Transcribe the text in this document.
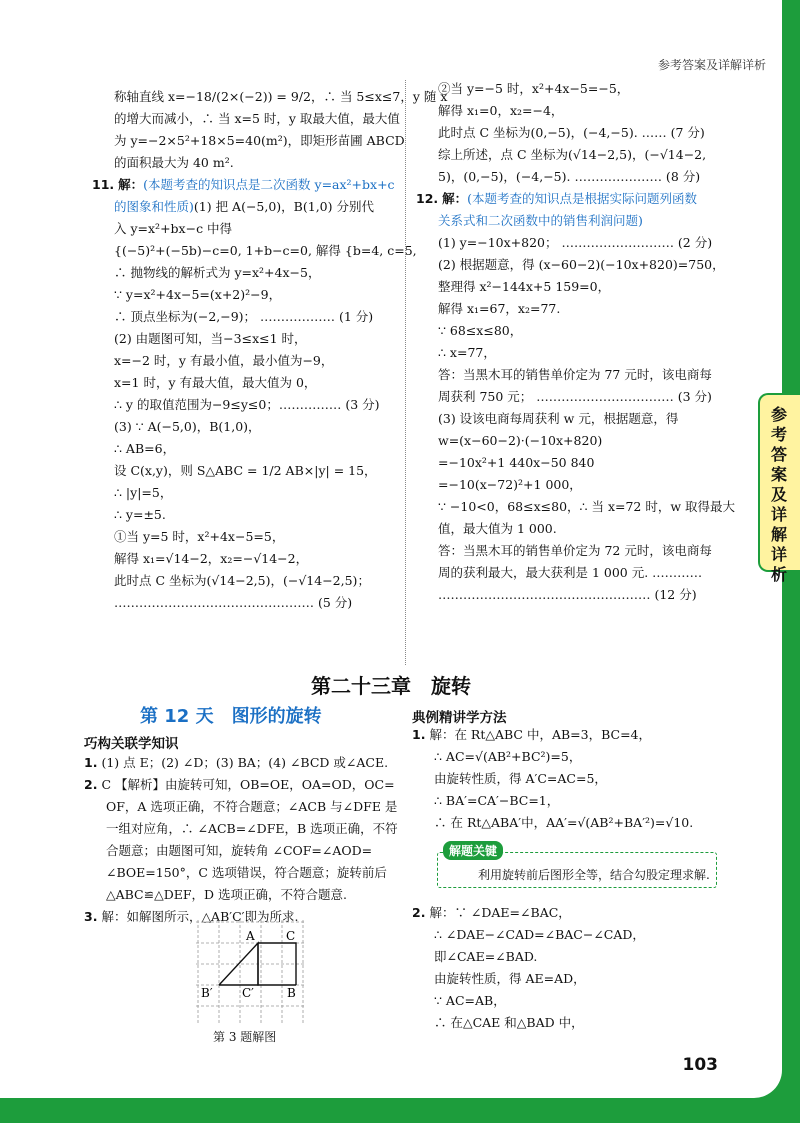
参考答案及详解详析
参考答案及详解详析
称轴直线 x=−18/(2×(−2)) = 9/2，∴ 当 5≤x≤7，y 随 x
的增大而减小，∴ 当 x=5 时，y 取最大值，最大值
为 y=−2×5²+18×5=40(m²)，即矩形苗圃 ABCD
的面积最大为 40 m².
11. 解：(本题考查的知识点是二次函数 y=ax²+bx+c
的图象和性质)(1) 把 A(−5,0)，B(1,0) 分别代
入 y=x²+bx−c 中得
{(−5)²+(−5b)−c=0, 1+b−c=0, 解得 {b=4, c=5,
∴ 抛物线的解析式为 y=x²+4x−5，
∵ y=x²+4x−5=(x+2)²−9，
∴ 顶点坐标为(−2,−9)； ……………… (1 分)
(2) 由题图可知，当−3≤x≤1 时，
x=−2 时，y 有最小值，最小值为−9，
x=1 时，y 有最大值，最大值为 0，
∴ y 的取值范围为−9≤y≤0；…………… (3 分)
(3) ∵ A(−5,0)，B(1,0)，
∴ AB=6，
设 C(x,y)，则 S△ABC = 1/2 AB×|y| = 15，
∴ |y|=5，
∴ y=±5.
①当 y=5 时，x²+4x−5=5，
解得 x₁=√14−2，x₂=−√14−2，
此时点 C 坐标为(√14−2,5)，(−√14−2,5)；
………………………………………… (5 分)
②当 y=−5 时，x²+4x−5=−5，
解得 x₁=0，x₂=−4，
此时点 C 坐标为(0,−5)，(−4,−5). …… (7 分)
综上所述，点 C 坐标为(√14−2,5)，(−√14−2,
5)，(0,−5)，(−4,−5). ………………… (8 分)
12. 解：(本题考查的知识点是根据实际问题列函数
关系式和二次函数中的销售利润问题)
(1) y=−10x+820； ……………………… (2 分)
(2) 根据题意，得 (x−60−2)(−10x+820)=750，
整理得 x²−144x+5 159=0，
解得 x₁=67，x₂=77.
∵ 68≤x≤80，
∴ x=77，
答：当黑木耳的销售单价定为 77 元时，该电商每
周获利 750 元； …………………………… (3 分)
(3) 设该电商每周获利 w 元，根据题意，得
w=(x−60−2)·(−10x+820)
=−10x²+1 440x−50 840
=−10(x−72)²+1 000，
∵ −10<0，68≤x≤80，∴ 当 x=72 时，w 取得最大
值，最大值为 1 000.
答：当黑木耳的销售单价定为 72 元时，该电商每
周的获利最大，最大获利是 1 000 元. …………
…………………………………………… (12 分)
第二十三章　旋转
第 12 天　图形的旋转
巧构关联学知识
典例精讲学方法
1. (1) 点 E；(2) ∠D；(3) BA；(4) ∠BCD 或∠ACE.
2. C 【解析】由旋转可知，OB=OE，OA=OD，OC=
OF，A 选项正确，不符合题意；∠ACB 与∠DFE 是
一组对应角，∴ ∠ACB=∠DFE，B 选项正确，不符
合题意；由题图可知，旋转角 ∠COF=∠AOD=
∠BOE=150°，C 选项错误，符合题意；旋转前后
△ABC≌△DEF，D 选项正确，不符合题意.
3. 解：如解图所示，△AB′C′即为所求.
A	C
B′ C′	B
第 3 题解图
1. 解：在 Rt△ABC 中，AB=3，BC=4，
∴ AC=√(AB²+BC²)=5，
由旋转性质，得 A′C=AC=5，
∴ BA′=CA′−BC=1，
∴ 在 Rt△ABA′中，AA′=√(AB²+BA′²)=√10.
解题关键
利用旋转前后图形全等，结合勾股定理求解.
2. 解：∵ ∠DAE=∠BAC，
∴ ∠DAE−∠CAD=∠BAC−∠CAD，
即∠CAE=∠BAD.
由旋转性质，得 AE=AD，
∵ AC=AB，
∴ 在△CAE 和△BAD 中，
103
